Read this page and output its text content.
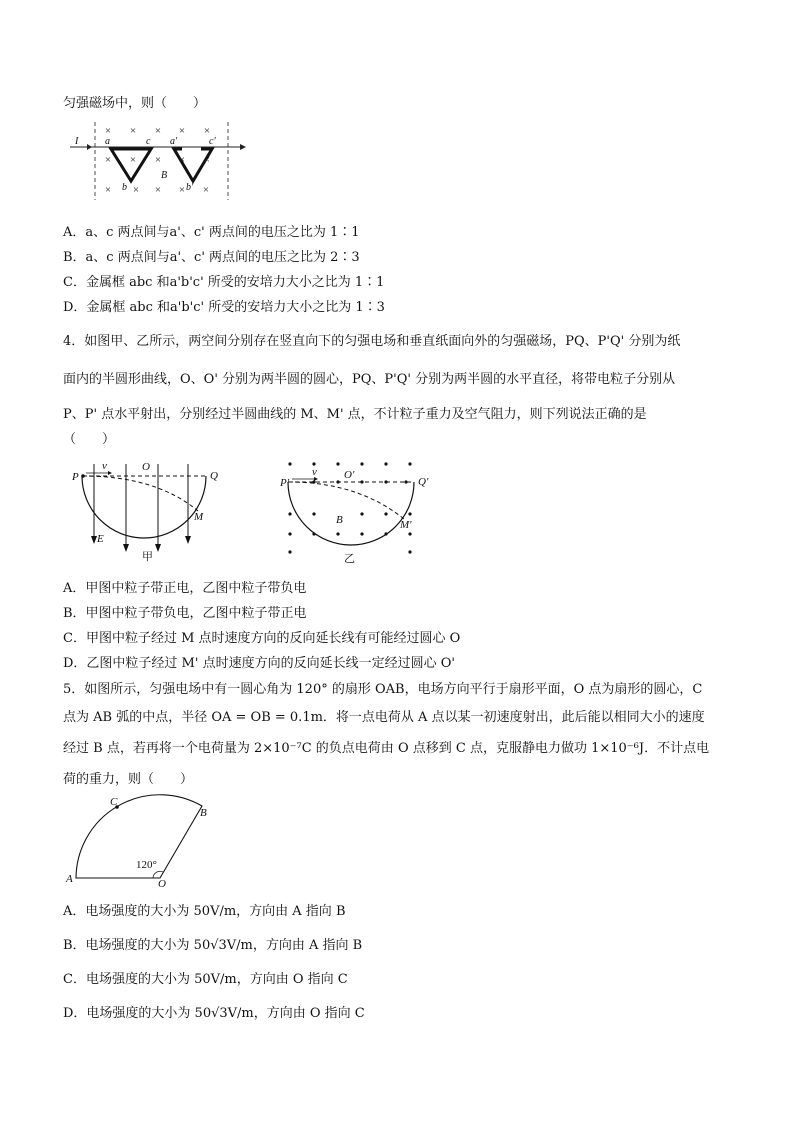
匀强磁场中，则（　　）
× × × × ×
× × × × ×
× × × × ×
I	a	c a'	c'
b
B
b'
A．a、c 两点间与a'、c' 两点间的电压之比为 1∶1
B．a、c 两点间与a'、c' 两点间的电压之比为 2∶3
C．金属框 abc 和a'b'c' 所受的安培力大小之比为 1∶1
D．金属框 abc 和a'b'c' 所受的安培力大小之比为 1∶3
4．如图甲、乙所示，两空间分别存在竖直向下的匀强电场和垂直纸面向外的匀强磁场，PQ、P'Q' 分别为纸
面内的半圆形曲线，O、O' 分别为两半圆的圆心，PQ、P'Q' 分别为两半圆的水平直径，将带电粒子分别从
P、P' 点水平射出，分别经过半圆曲线的 M、M' 点，不计粒子重力及空气阻力，则下列说法正确的是
（　　）
P	Q
O
v
M
E
甲
P'	Q'
O'
v
M'
B
乙
A．甲图中粒子带正电，乙图中粒子带负电
B．甲图中粒子带负电，乙图中粒子带正电
C．甲图中粒子经过 M 点时速度方向的反向延长线有可能经过圆心 O
D．乙图中粒子经过 M' 点时速度方向的反向延长线一定经过圆心 O'
5．如图所示，匀强电场中有一圆心角为 120° 的扇形 OAB，电场方向平行于扇形平面，O 点为扇形的圆心，C
点为 AB 弧的中点，半径 OA = OB = 0.1m．将一点电荷从 A 点以某一初速度射出，此后能以相同大小的速度
经过 B 点，若再将一个电荷量为 2×10⁻⁷C 的负点电荷由 O 点移到 C 点，克服静电力做功 1×10⁻⁶J．不计点电
荷的重力，则（　　）
A
B
C
O
120°
A．电场强度的大小为 50V/m，方向由 A 指向 B
B．电场强度的大小为 50√3V/m，方向由 A 指向 B
C．电场强度的大小为 50V/m，方向由 O 指向 C
D．电场强度的大小为 50√3V/m，方向由 O 指向 C
